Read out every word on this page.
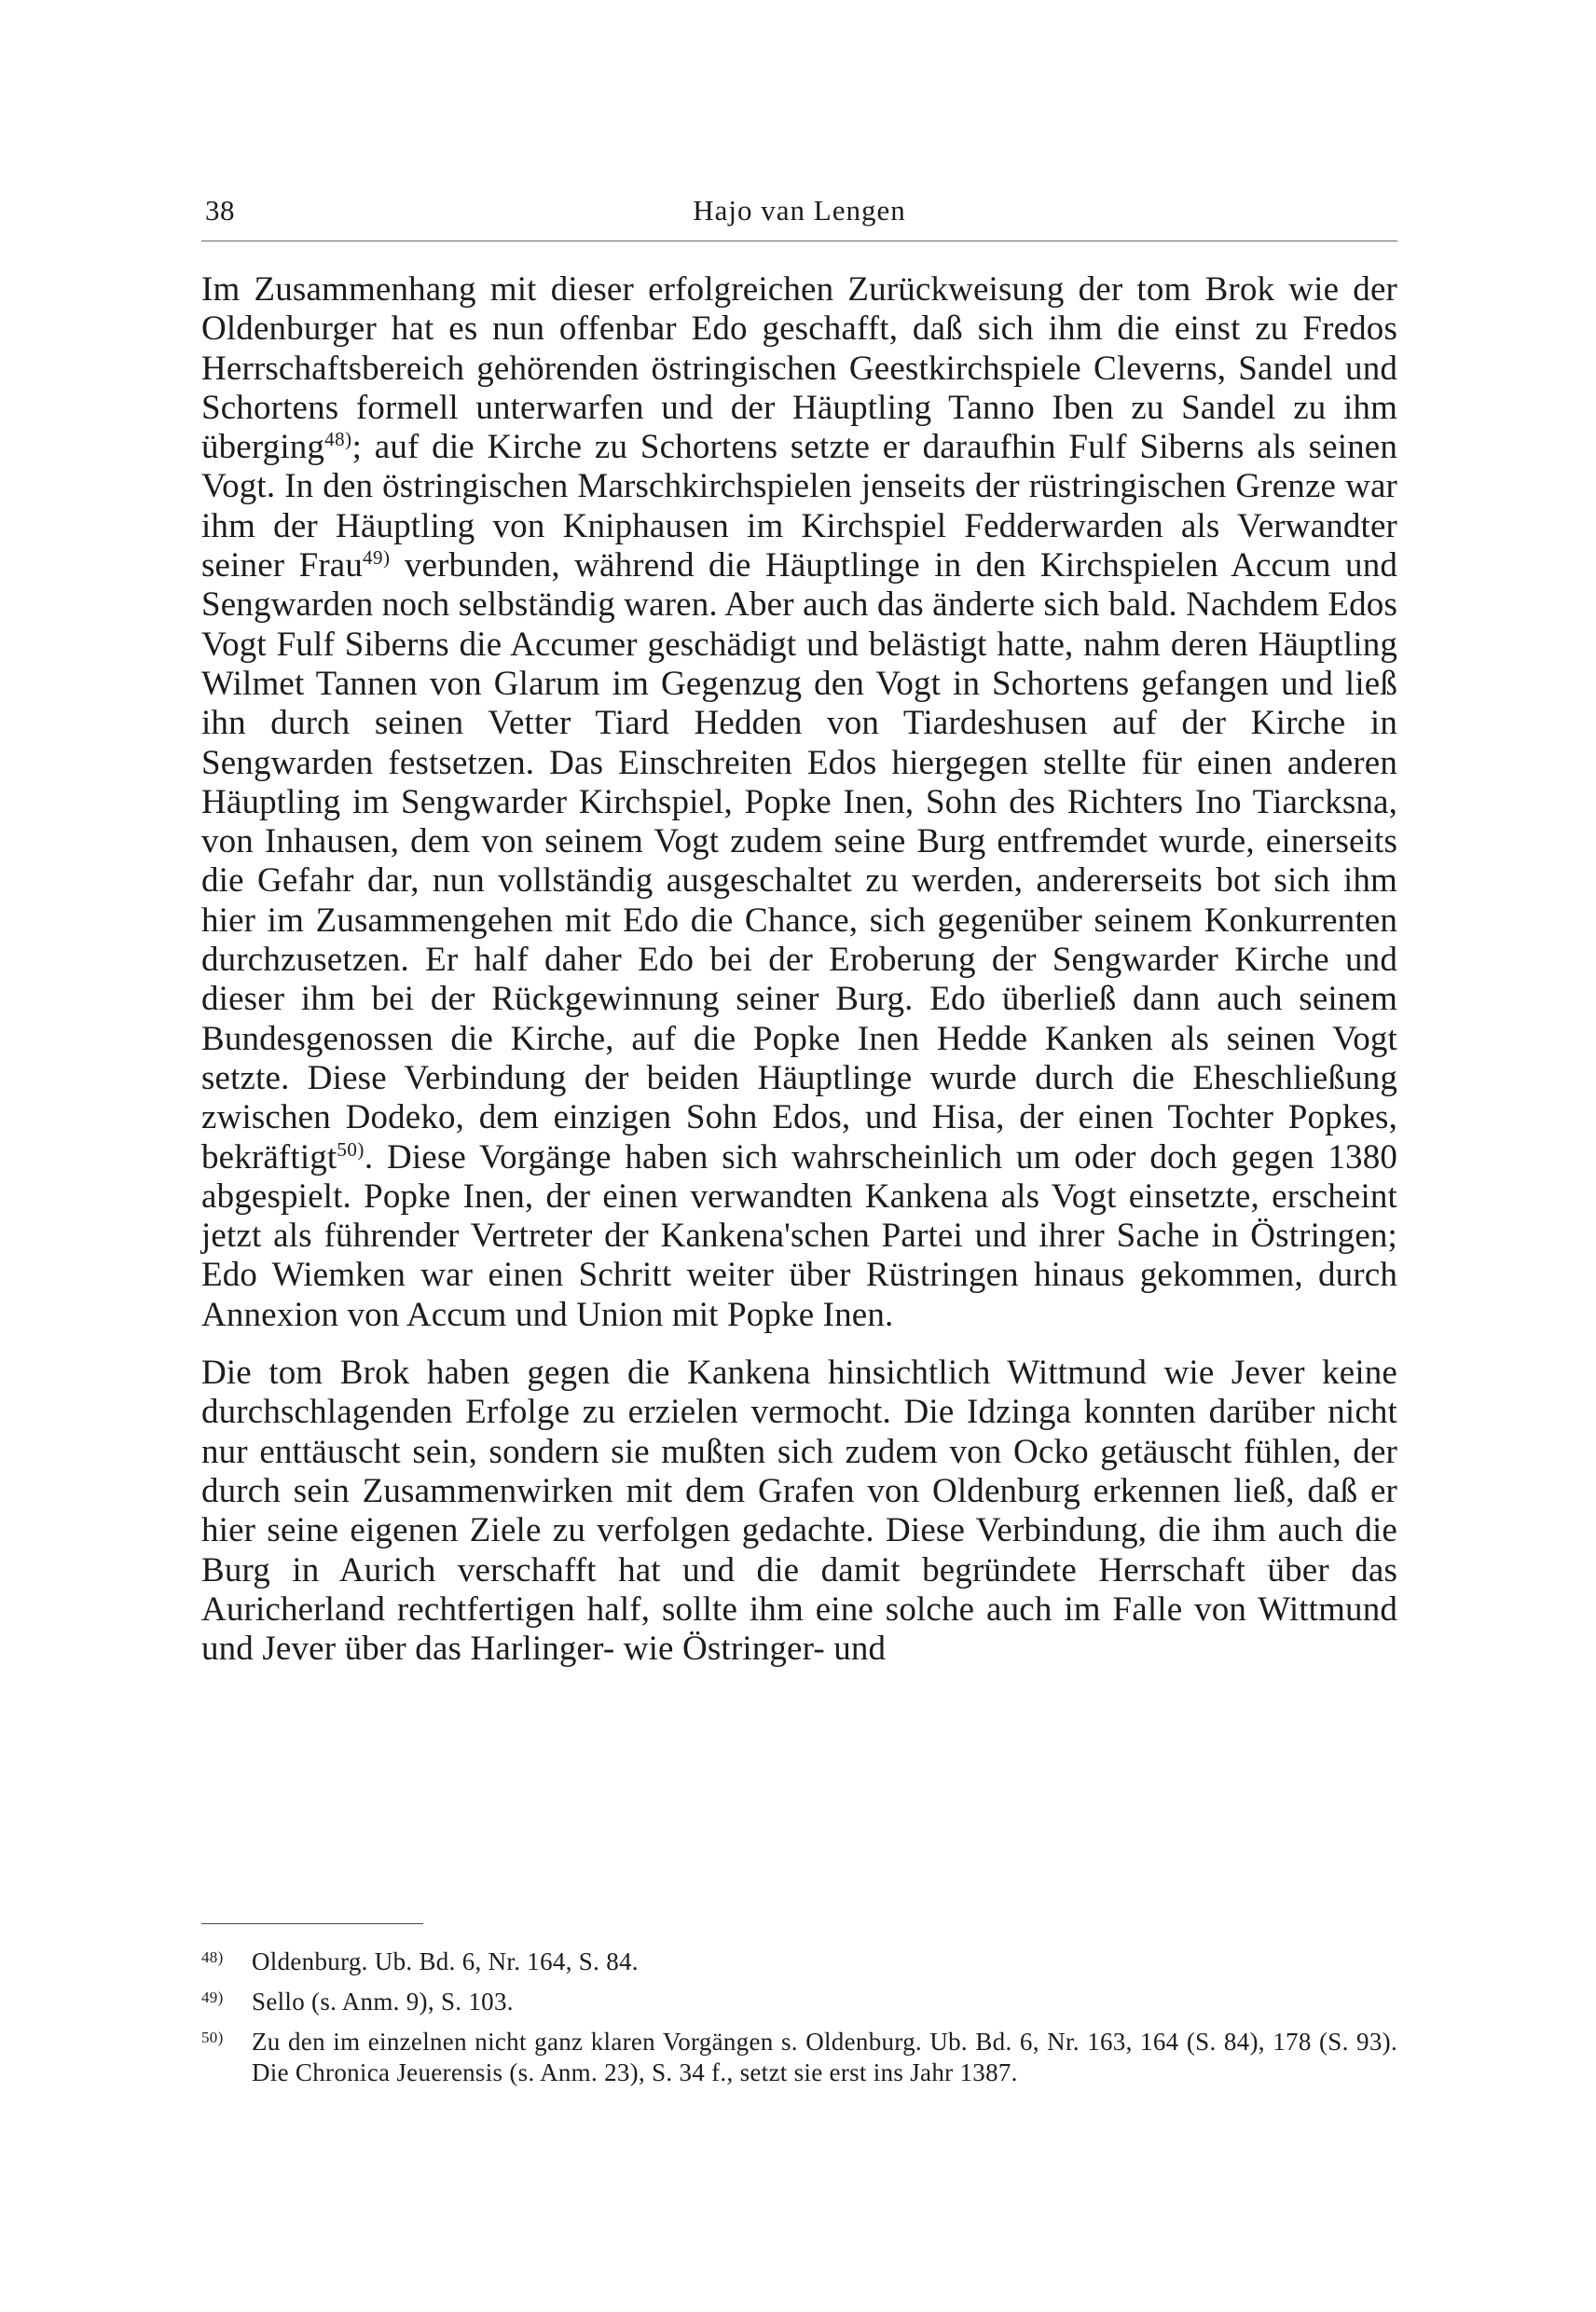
38	Hajo van Lengen

Im Zusammenhang mit dieser erfolgreichen Zurückweisung der tom Brok wie der Oldenburger hat es nun offenbar Edo geschafft, daß sich ihm die einst zu Fredos Herrschaftsbereich gehörenden östringischen Geestkirchspiele Cleverns, Sandel und Schortens formell unterwarfen und der Häuptling Tanno Iben zu Sandel zu ihm überging$^{48)}$; auf die Kirche zu Schortens setzte er daraufhin Fulf Siberns als seinen Vogt. In den östringischen Marschkirchspielen jenseits der rüstringischen Grenze war ihm der Häuptling von Kniphausen im Kirchspiel Fedderwarden als Verwandter seiner Frau$^{49)}$ verbunden, während die Häuptlinge in den Kirchspielen Accum und Sengwarden noch selbständig waren. Aber auch das änderte sich bald. Nachdem Edos Vogt Fulf Siberns die Accumer geschädigt und belästigt hatte, nahm deren Häuptling Wilmet Tannen von Glarum im Gegenzug den Vogt in Schortens gefangen und ließ ihn durch seinen Vetter Tiard Hedden von Tiardeshusen auf der Kirche in Sengwarden festsetzen. Das Einschreiten Edos hiergegen stellte für einen anderen Häuptling im Sengwarder Kirchspiel, Popke Inen, Sohn des Richters Ino Tiarcksna, von Inhausen, dem von seinem Vogt zudem seine Burg entfremdet wurde, einerseits die Gefahr dar, nun vollständig ausgeschaltet zu werden, andererseits bot sich ihm hier im Zusammengehen mit Edo die Chance, sich gegenüber seinem Konkurrenten durchzusetzen. Er half daher Edo bei der Eroberung der Sengwarder Kirche und dieser ihm bei der Rückgewinnung seiner Burg. Edo überließ dann auch seinem Bundesgenossen die Kirche, auf die Popke Inen Hedde Kanken als seinen Vogt setzte. Diese Verbindung der beiden Häuptlinge wurde durch die Eheschließung zwischen Dodeko, dem einzigen Sohn Edos, und Hisa, der einen Tochter Popkes, bekräftigt$^{50)}$. Diese Vorgänge haben sich wahrscheinlich um oder doch gegen 1380 abgespielt. Popke Inen, der einen verwandten Kankena als Vogt einsetzte, erscheint jetzt als führender Vertreter der Kankena'schen Partei und ihrer Sache in Östringen; Edo Wiemken war einen Schritt weiter über Rüstringen hinaus gekommen, durch Annexion von Accum und Union mit Popke Inen.

Die tom Brok haben gegen die Kankena hinsichtlich Wittmund wie Jever keine durchschlagenden Erfolge zu erzielen vermocht. Die Idzinga konnten darüber nicht nur enttäuscht sein, sondern sie mußten sich zudem von Ocko getäuscht fühlen, der durch sein Zusammenwirken mit dem Grafen von Oldenburg erkennen ließ, daß er hier seine eigenen Ziele zu verfolgen gedachte. Diese Verbindung, die ihm auch die Burg in Aurich verschafft hat und die damit begründete Herrschaft über das Auricherland rechtfertigen half, sollte ihm eine solche auch im Falle von Wittmund und Jever über das Harlinger- wie Östringer- und

$^{48)}$	Oldenburg. Ub. Bd. 6, Nr. 164, S. 84.
$^{49)}$	Sello (s. Anm. 9), S. 103.
$^{50)}$	Zu den im einzelnen nicht ganz klaren Vorgängen s. Oldenburg. Ub. Bd. 6, Nr. 163, 164 (S. 84), 178 (S. 93). Die Chronica Jeuerensis (s. Anm. 23), S. 34 f., setzt sie erst ins Jahr 1387.
